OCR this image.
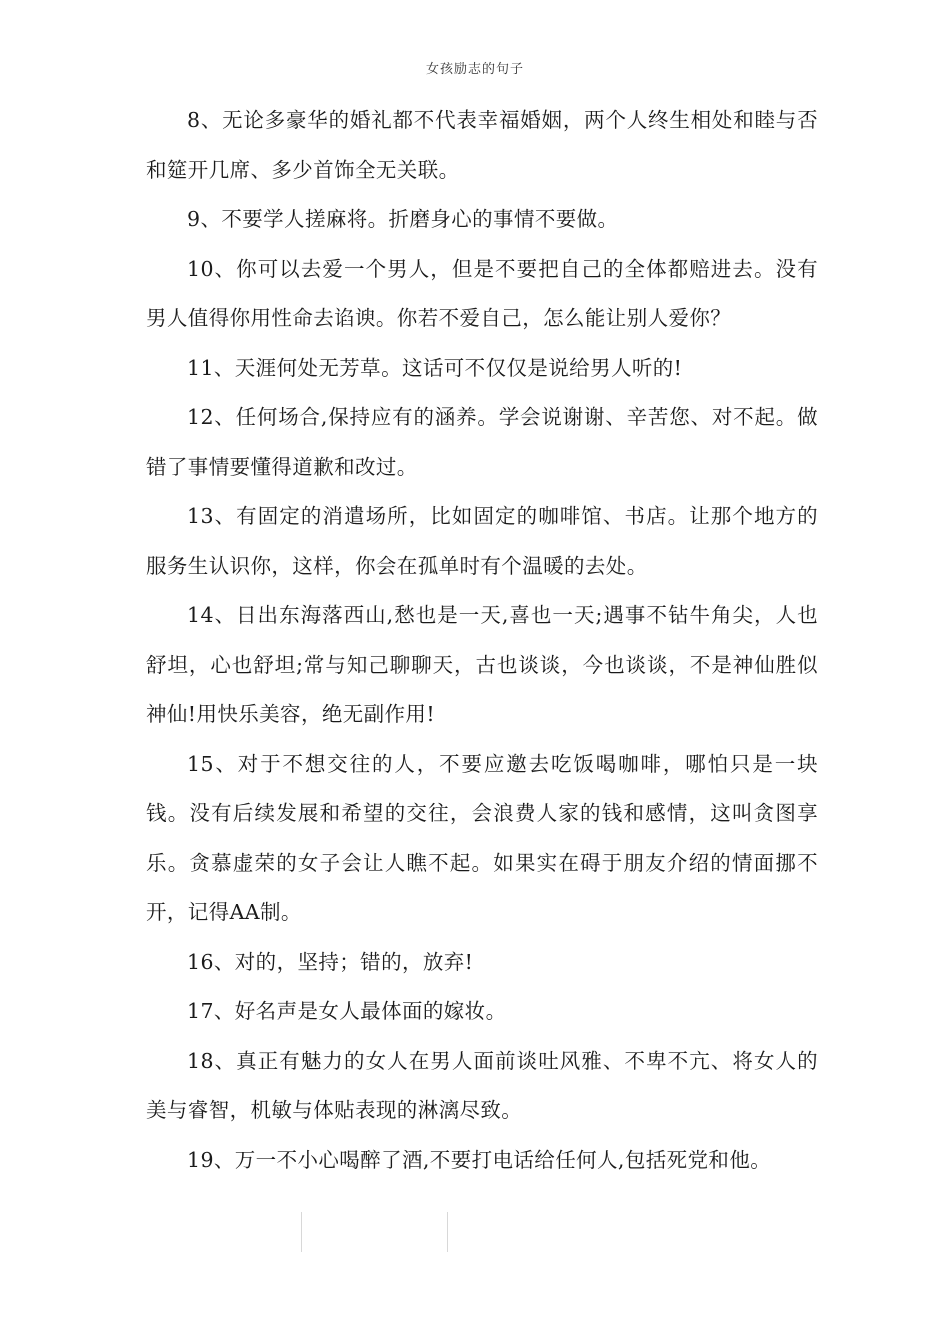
女孩励志的句子

8、无论多豪华的婚礼都不代表幸福婚姻，两个人终生相处和睦与否和筵开几席、多少首饰全无关联。

9、不要学人搓麻将。折磨身心的事情不要做。

10、你可以去爱一个男人，但是不要把自己的全体都赔进去。没有男人值得你用性命去谄谀。你若不爱自己，怎么能让别人爱你？

11、天涯何处无芳草。这话可不仅仅是说给男人听的!

12、任何场合,保持应有的涵养。学会说谢谢、辛苦您、对不起。做错了事情要懂得道歉和改过。

13、有固定的消遣场所，比如固定的咖啡馆、书店。让那个地方的服务生认识你，这样，你会在孤单时有个温暖的去处。

14、日出东海落西山,愁也是一天,喜也一天;遇事不钻牛角尖，人也舒坦，心也舒坦;常与知己聊聊天，古也谈谈，今也谈谈，不是神仙胜似神仙!用快乐美容，绝无副作用!

15、对于不想交往的人，不要应邀去吃饭喝咖啡，哪怕只是一块钱。没有后续发展和希望的交往，会浪费人家的钱和感情，这叫贪图享乐。贪慕虚荣的女子会让人瞧不起。如果实在碍于朋友介绍的情面挪不开，记得AA制。

16、对的，坚持；错的，放弃!

17、好名声是女人最体面的嫁妆。

18、真正有魅力的女人在男人面前谈吐风雅、不卑不亢、将女人的美与睿智，机敏与体贴表现的淋漓尽致。

19、万一不小心喝醉了酒,不要打电话给任何人,包括死党和他。
